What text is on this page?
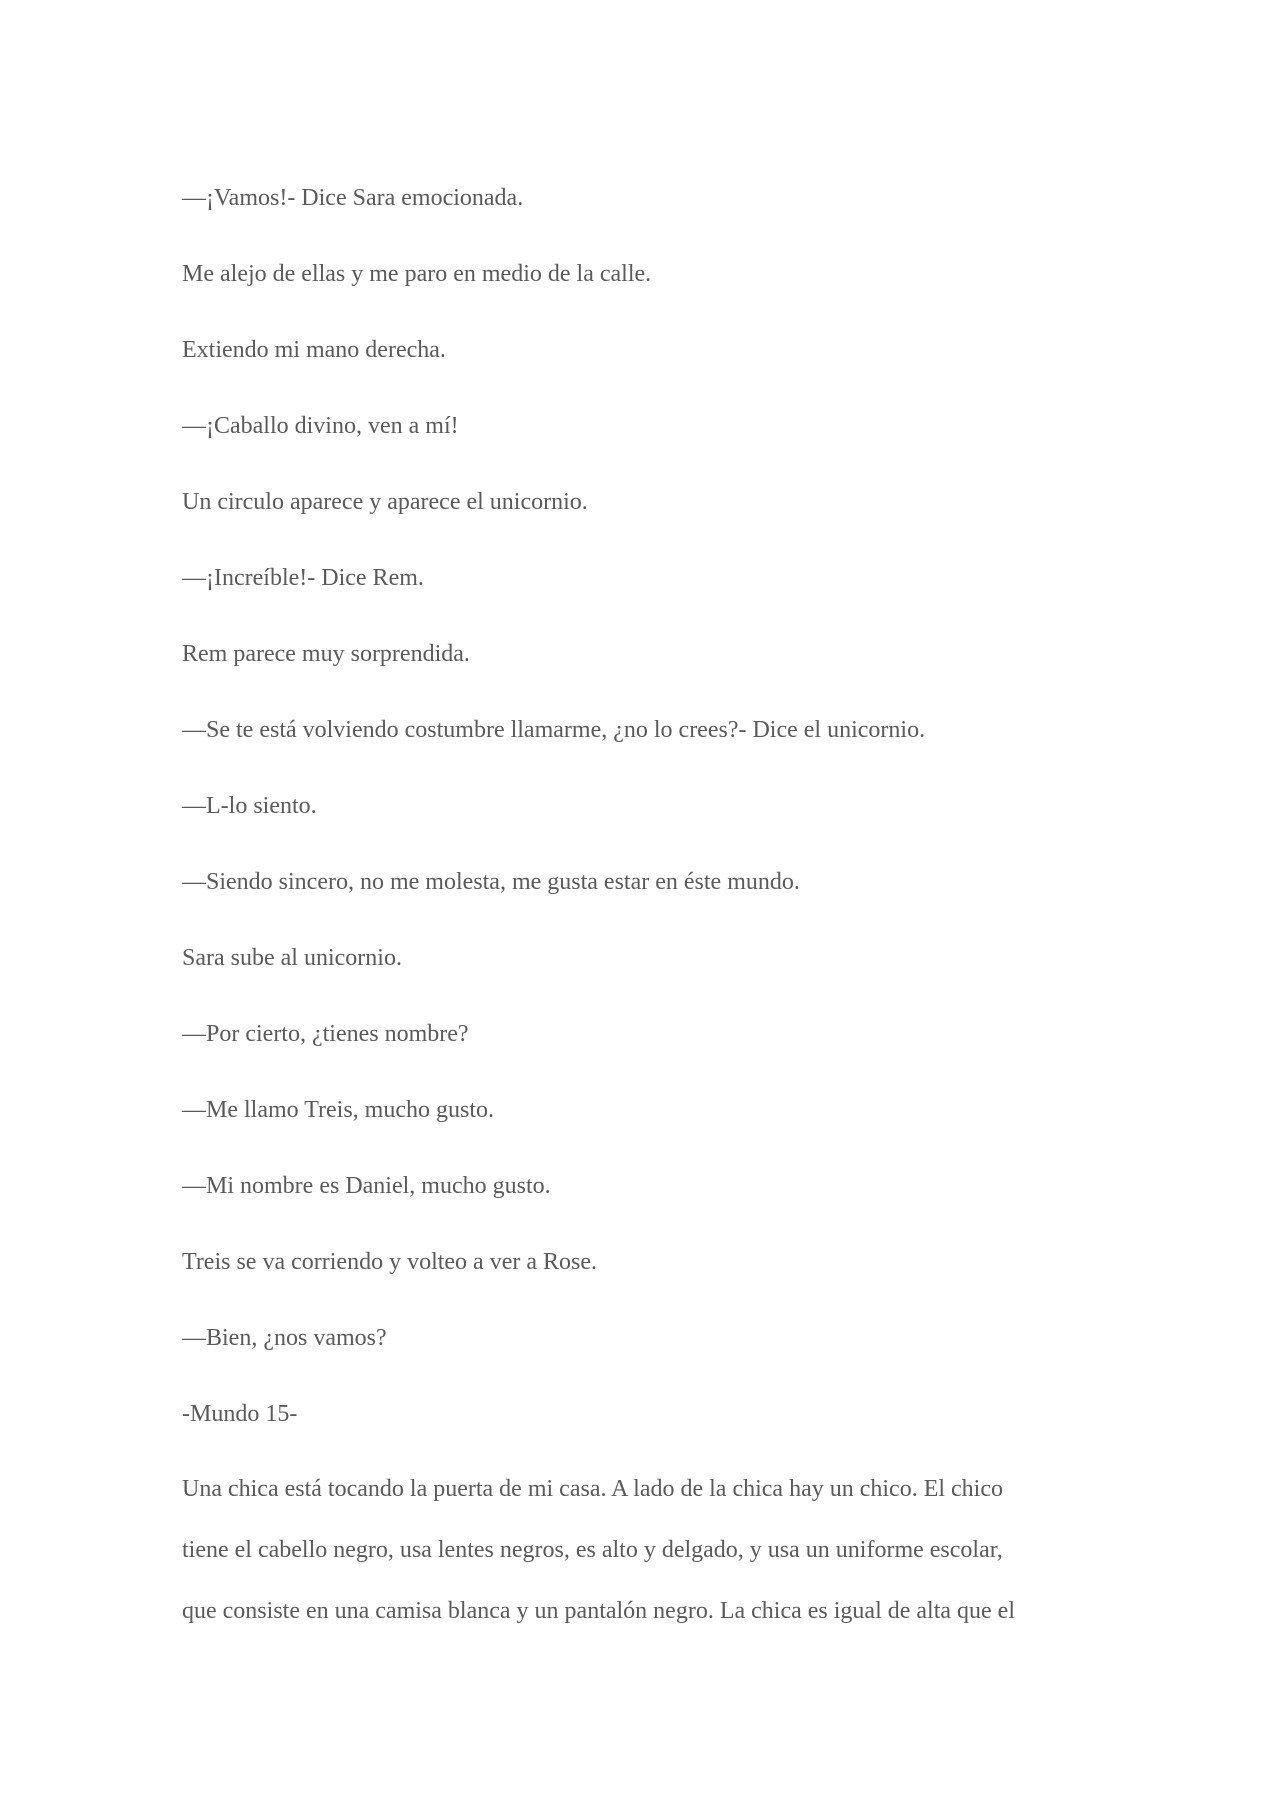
—¡Vamos!- Dice Sara emocionada.

Me alejo de ellas y me paro en medio de la calle.

Extiendo mi mano derecha.

—¡Caballo divino, ven a mí!

Un circulo aparece y aparece el unicornio.

—¡Increíble!- Dice Rem.

Rem parece muy sorprendida.

—Se te está volviendo costumbre llamarme, ¿no lo crees?- Dice el unicornio.

—L-lo siento.

—Siendo sincero, no me molesta, me gusta estar en éste mundo.

Sara sube al unicornio.

—Por cierto, ¿tienes nombre?

—Me llamo Treis, mucho gusto.

—Mi nombre es Daniel, mucho gusto.

Treis se va corriendo y volteo a ver a Rose.

—Bien, ¿nos vamos?

-Mundo 15-

Una chica está tocando la puerta de mi casa. A lado de la chica hay un chico. El chico
tiene el cabello negro, usa lentes negros, es alto y delgado, y usa un uniforme escolar,
que consiste en una camisa blanca y un pantalón negro. La chica es igual de alta que el
